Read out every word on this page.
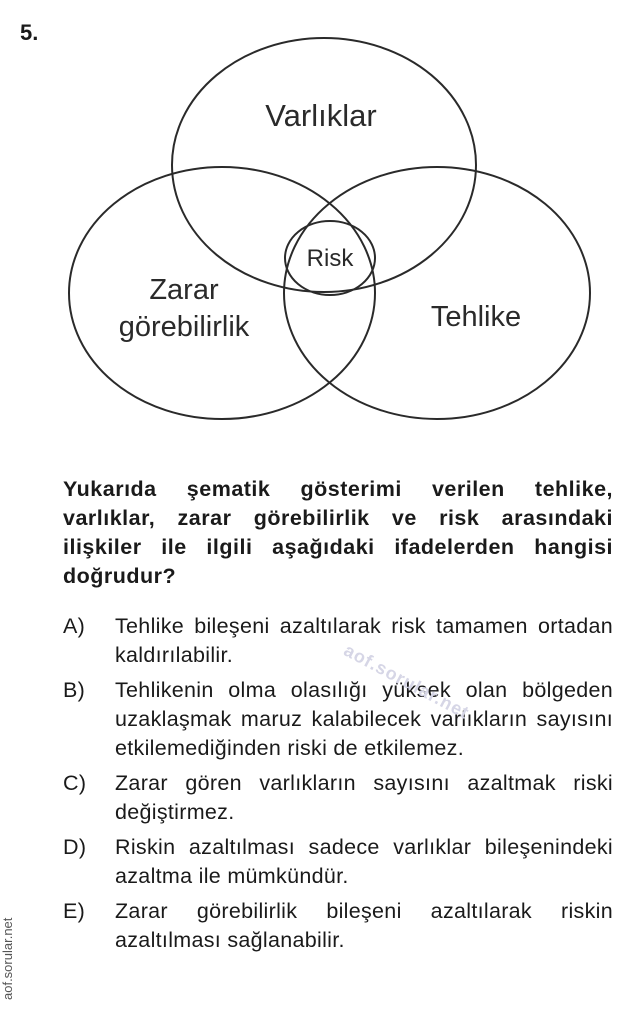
5.
Varlıklar
Zarar
görebilirlik	Tehlike
Risk

Yukarıda şematik gösterimi verilen tehlike, varlıklar, zarar görebilirlik ve risk arasındaki ilişkiler ile ilgili aşağıdaki ifadelerden hangisi doğrudur?

A)	Tehlike bileşeni azaltılarak risk tamamen ortadan kaldırılabilir.
B)	Tehlikenin olma olasılığı yüksek olan bölgeden uzaklaşmak maruz kalabilecek varlıkların sayısını etkilemediğinden riski de etkilemez.
C)	Zarar gören varlıkların sayısını azaltmak riski değiştirmez.
D)	Riskin azaltılması sadece varlıklar bileşenindeki azaltma ile mümkündür.
E)	Zarar görebilirlik bileşeni azaltılarak riskin azaltılması sağlanabilir.
aof.sorular.net
aof.sorular.net
